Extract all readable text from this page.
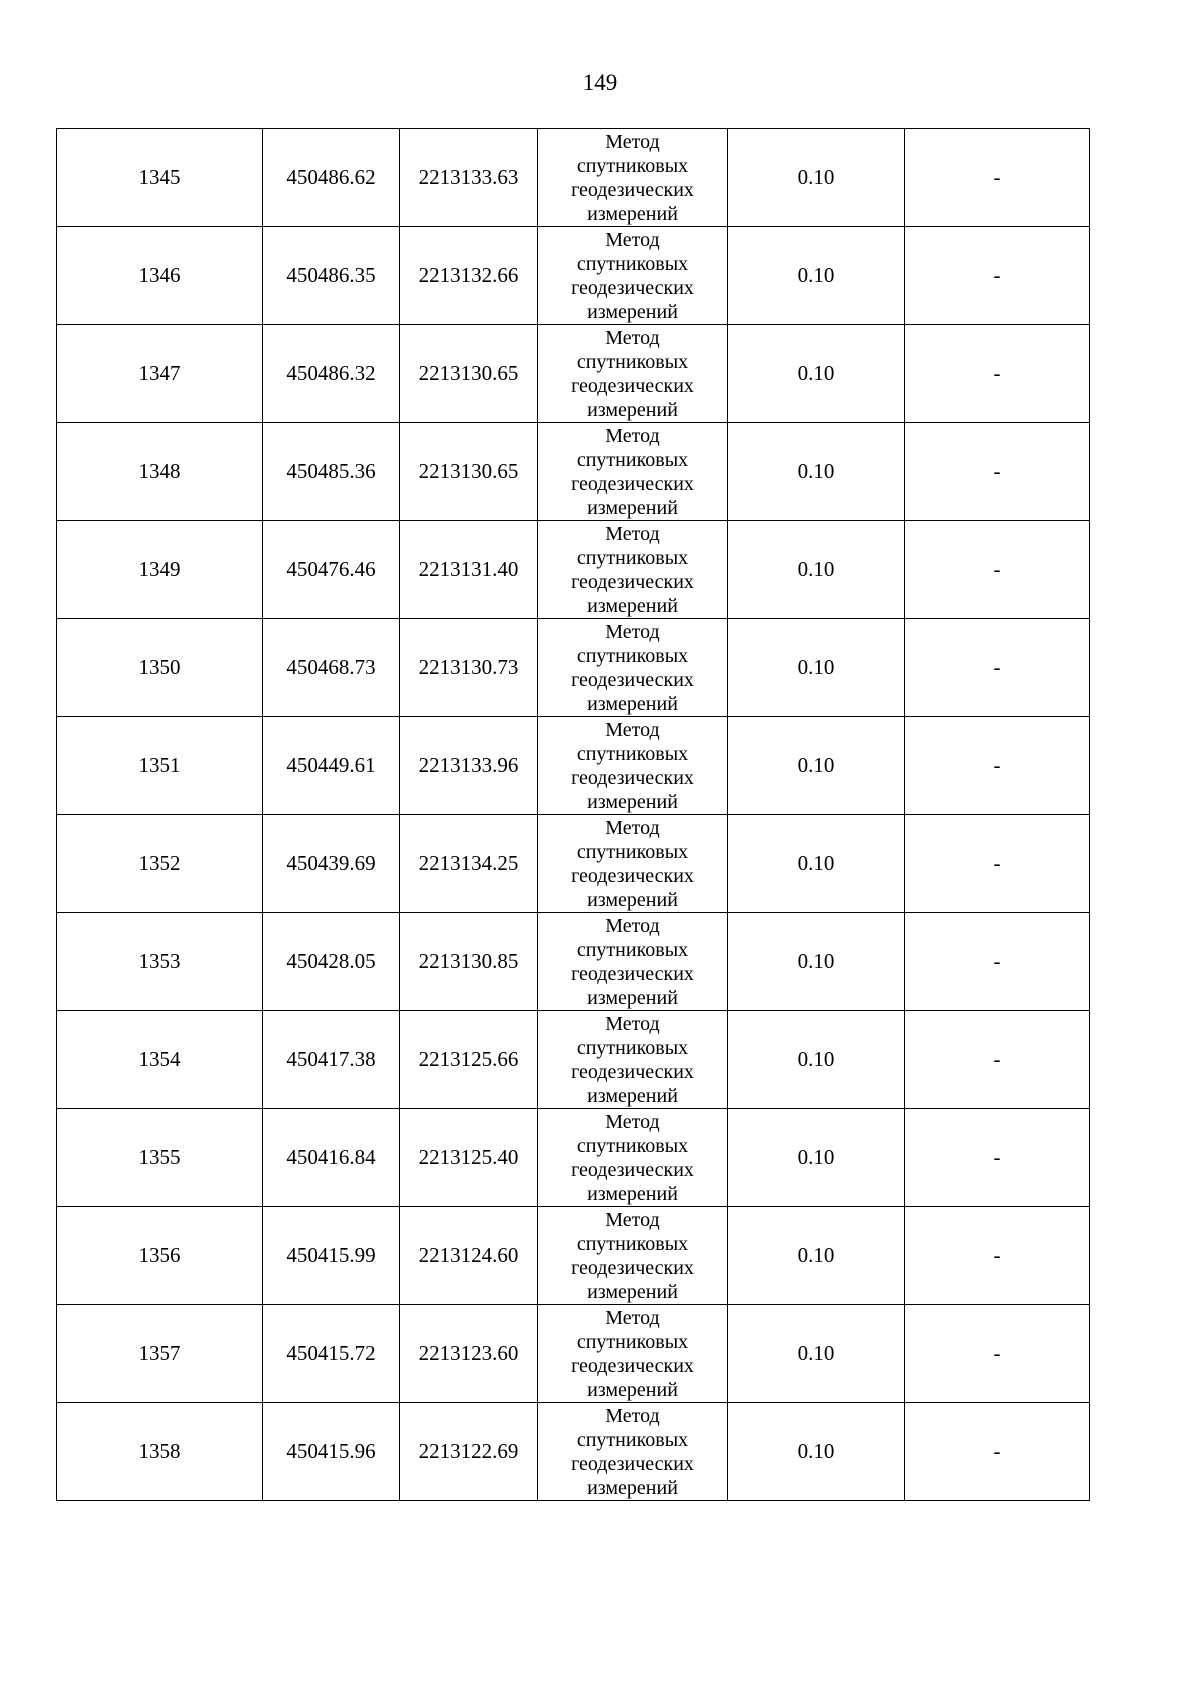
149
1345	450486.62	2213133.63	Метод
спутниковых
геодезических
измерений	0.10	-
1346	450486.35	2213132.66	Метод
спутниковых
геодезических
измерений	0.10	-
1347	450486.32	2213130.65	Метод
спутниковых
геодезических
измерений	0.10	-
1348	450485.36	2213130.65	Метод
спутниковых
геодезических
измерений	0.10	-
1349	450476.46	2213131.40	Метод
спутниковых
геодезических
измерений	0.10	-
1350	450468.73	2213130.73	Метод
спутниковых
геодезических
измерений	0.10	-
1351	450449.61	2213133.96	Метод
спутниковых
геодезических
измерений	0.10	-
1352	450439.69	2213134.25	Метод
спутниковых
геодезических
измерений	0.10	-
1353	450428.05	2213130.85	Метод
спутниковых
геодезических
измерений	0.10	-
1354	450417.38	2213125.66	Метод
спутниковых
геодезических
измерений	0.10	-
1355	450416.84	2213125.40	Метод
спутниковых
геодезических
измерений	0.10	-
1356	450415.99	2213124.60	Метод
спутниковых
геодезических
измерений	0.10	-
1357	450415.72	2213123.60	Метод
спутниковых
геодезических
измерений	0.10	-
1358	450415.96	2213122.69	Метод
спутниковых
геодезических
измерений	0.10	-
